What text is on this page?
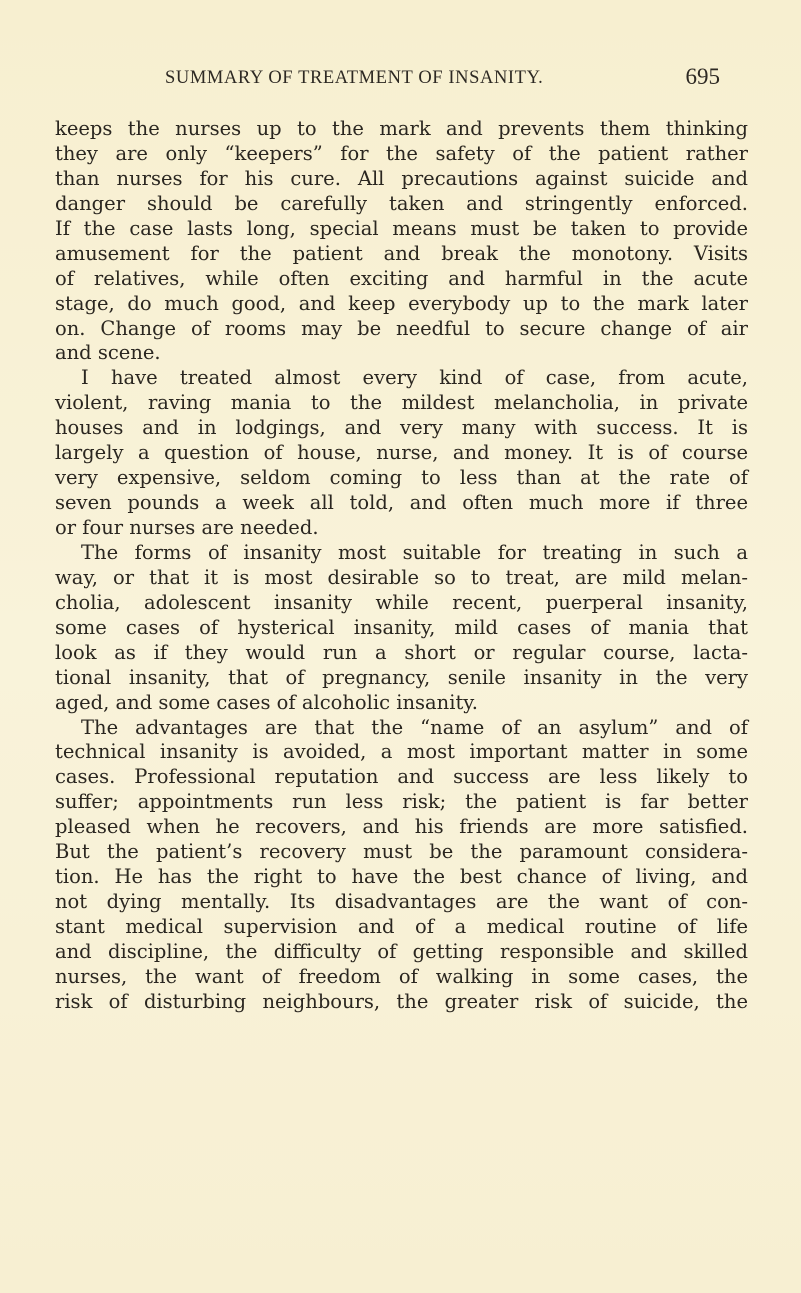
SUMMARY OF TREATMENT OF INSANITY.	695
keeps the nurses up to the mark and prevents them thinking
they are only “keepers” for the safety of the patient rather
than nurses for his cure. All precautions against suicide and
danger should be carefully taken and stringently enforced.
If the case lasts long, special means must be taken to provide
amusement for the patient and break the monotony. Visits
of relatives, while often exciting and harmful in the acute
stage, do much good, and keep everybody up to the mark later
on. Change of rooms may be needful to secure change of air
and scene.
I have treated almost every kind of case, from acute,
violent, raving mania to the mildest melancholia, in private
houses and in lodgings, and very many with success. It is
largely a question of house, nurse, and money. It is of course
very expensive, seldom coming to less than at the rate of
seven pounds a week all told, and often much more if three
or four nurses are needed.
The forms of insanity most suitable for treating in such a
way, or that it is most desirable so to treat, are mild melan-
cholia, adolescent insanity while recent, puerperal insanity,
some cases of hysterical insanity, mild cases of mania that
look as if they would run a short or regular course, lacta-
tional insanity, that of pregnancy, senile insanity in the very
aged, and some cases of alcoholic insanity.
The advantages are that the “name of an asylum” and of
technical insanity is avoided, a most important matter in some
cases. Professional reputation and success are less likely to
suffer; appointments run less risk; the patient is far better
pleased when he recovers, and his friends are more satisfied.
But the patient’s recovery must be the paramount considera-
tion. He has the right to have the best chance of living, and
not dying mentally. Its disadvantages are the want of con-
stant medical supervision and of a medical routine of life
and discipline, the difficulty of getting responsible and skilled
nurses, the want of freedom of walking in some cases, the
risk of disturbing neighbours, the greater risk of suicide, the
